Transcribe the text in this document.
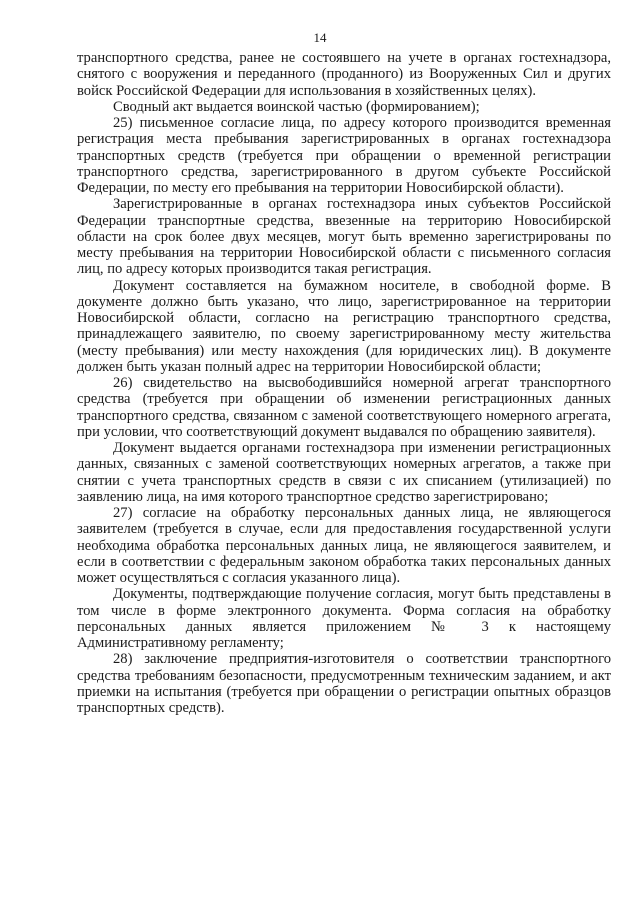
14

транспортного средства, ранее не состоявшего на учете в органах гостехнадзора, снятого с вооружения и переданного (проданного) из Вооруженных Сил и других войск Российской Федерации для использования в хозяйственных целях).

Сводный акт выдается воинской частью (формированием);

25) письменное согласие лица, по адресу которого производится временная регистрация места пребывания зарегистрированных в органах гостехнадзора транспортных средств (требуется при обращении о временной регистрации транспортного средства, зарегистрированного в другом субъекте Российской Федерации, по месту его пребывания на территории Новосибирской области).

Зарегистрированные в органах гостехнадзора иных субъектов Российской Федерации транспортные средства, ввезенные на территорию Новосибирской области на срок более двух месяцев, могут быть временно зарегистрированы по месту пребывания на территории Новосибирской области с письменного согласия лиц, по адресу которых производится такая регистрация.

Документ составляется на бумажном носителе, в свободной форме. В документе должно быть указано, что лицо, зарегистрированное на территории Новосибирской области, согласно на регистрацию транспортного средства, принадлежащего заявителю, по своему зарегистрированному месту жительства (месту пребывания) или месту нахождения (для юридических лиц). В документе должен быть указан полный адрес на территории Новосибирской области;

26) свидетельство на высвободившийся номерной агрегат транспортного средства (требуется при обращении об изменении регистрационных данных транспортного средства, связанном с заменой соответствующего номерного агрегата, при условии, что соответствующий документ выдавался по обращению заявителя).

Документ выдается органами гостехнадзора при изменении регистрационных данных, связанных с заменой соответствующих номерных агрегатов, а также при снятии с учета транспортных средств в связи с их списанием (утилизацией) по заявлению лица, на имя которого транспортное средство зарегистрировано;

27) согласие на обработку персональных данных лица, не являющегося заявителем (требуется в случае, если для предоставления государственной услуги необходима обработка персональных данных лица, не являющегося заявителем, и если в соответствии с федеральным законом обработка таких персональных данных может осуществляться с согласия указанного лица).

Документы, подтверждающие получение согласия, могут быть представлены в том числе в форме электронного документа. Форма согласия на обработку персональных данных является приложением № 3 к настоящему Административному регламенту;

28) заключение предприятия-изготовителя о соответствии транспортного средства требованиям безопасности, предусмотренным техническим заданием, и акт приемки на испытания (требуется при обращении о регистрации опытных образцов транспортных средств).
